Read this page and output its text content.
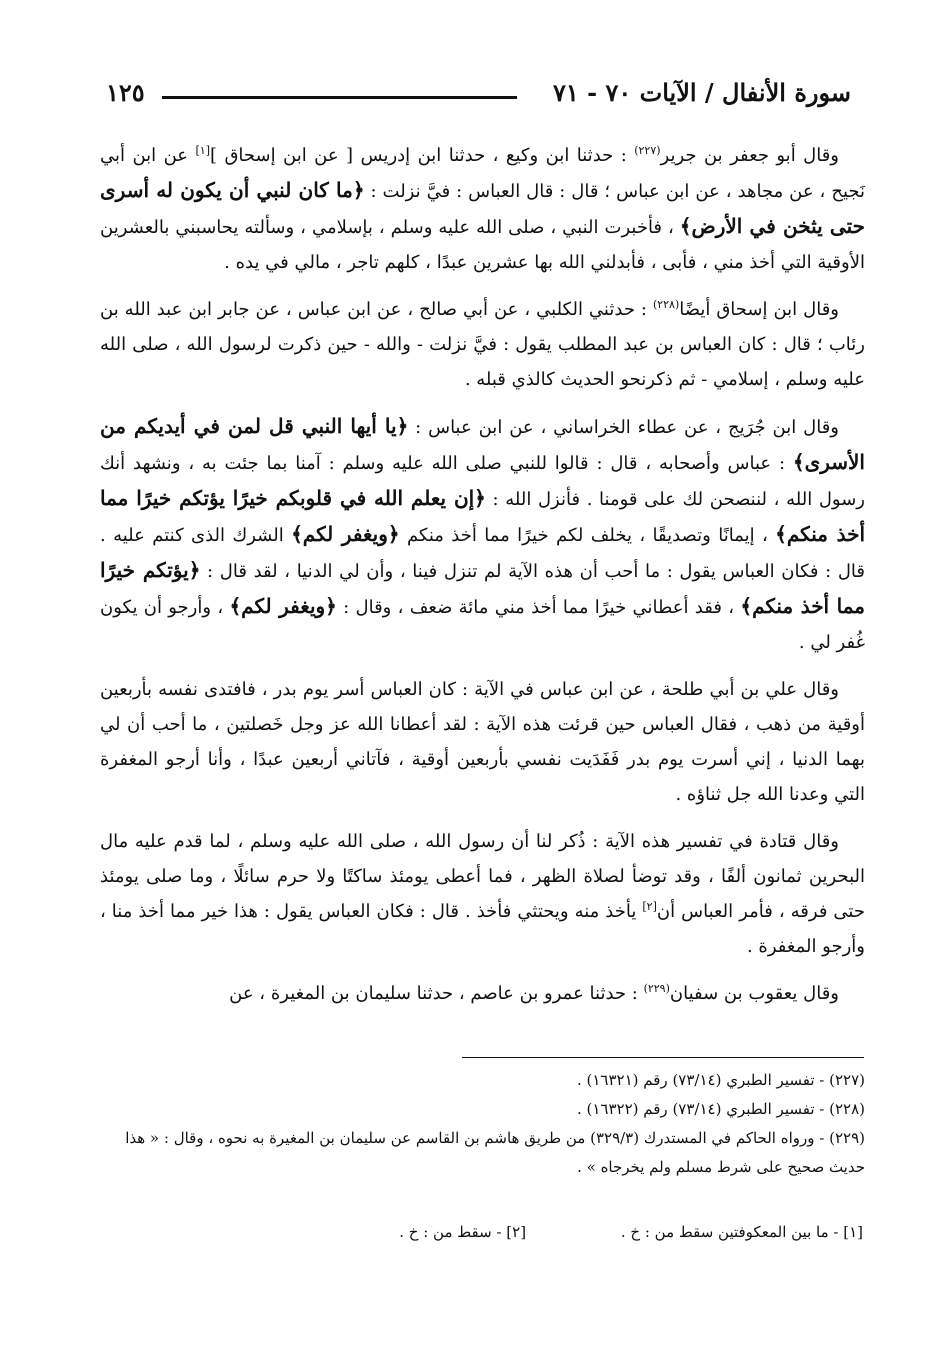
سورة الأنفال / الآيات ٧٠ - ٧١
١٢٥

وقال أبو جعفر بن جرير$^{(٢٢٧)}$ : حدثنا ابن وكيع ، حدثنا ابن إدريس [ عن ابن إسحاق ][١] عن ابن أبي نَجيح ، عن مجاهد ، عن ابن عباس ؛ قال : قال العباس : فيَّ نزلت : ﴿ما كان لنبي أن يكون له أسرى حتى يثخن في الأرض﴾ ، فأخبرت النبي ، صلى الله عليه وسلم ، بإسلامي ، وسألته يحاسبني بالعشرين الأوقية التي أخذ مني ، فأبى ، فأبدلني الله بها عشرين عبدًا ، كلهم تاجر ، مالي في يده .

وقال ابن إسحاق أيضًا$^{(٢٢٨)}$ : حدثني الكلبي ، عن أبي صالح ، عن ابن عباس ، عن جابر ابن عبد الله بن رئاب ؛ قال : كان العباس بن عبد المطلب يقول : فيَّ نزلت - والله - حين ذكرت لرسول الله ، صلى الله عليه وسلم ، إسلامي - ثم ذكرنحو الحديث كالذي قبله .

وقال ابن جُرَيج ، عن عطاء الخراساني ، عن ابن عباس : ﴿يا أيها النبي قل لمن في أيديكم من الأسرى﴾ : عباس وأصحابه ، قال : قالوا للنبي صلى الله عليه وسلم : آمنا بما جئت به ، ونشهد أنك رسول الله ، لننصحن لك على قومنا . فأنزل الله : ﴿إن يعلم الله في قلوبكم خيرًا يؤتكم خيرًا مما أخذ منكم﴾ ، إيمانًا وتصديقًا ، يخلف لكم خيرًا مما أخذ منكم ﴿ويغفر لكم﴾ الشرك الذى كنتم عليه . قال : فكان العباس يقول : ما أحب أن هذه الآية لم تنزل فينا ، وأن لي الدنيا ، لقد قال : ﴿يؤتكم خيرًا مما أخذ منكم﴾ ، فقد أعطاني خيرًا مما أخذ مني مائة ضعف ، وقال : ﴿ويغفر لكم﴾ ، وأرجو أن يكون غُفر لي .

وقال علي بن أبي طلحة ، عن ابن عباس في الآية : كان العباس أسر يوم بدر ، فافتدى نفسه بأربعين أوقية من ذهب ، فقال العباس حين قرئت هذه الآية : لقد أعطانا الله عز وجل خَصلتين ، ما أحب أن لي بهما الدنيا ، إني أسرت يوم بدر فَفَدَيت نفسي بأربعين أوقية ، فآتاني أربعين عبدًا ، وأنا أرجو المغفرة التي وعدنا الله جل ثناؤه .

وقال قتادة في تفسير هذه الآية : ذُكر لنا أن رسول الله ، صلى الله عليه وسلم ، لما قدم عليه مال البحرين ثمانون ألفًا ، وقد توضأ لصلاة الظهر ، فما أعطى يومئذ ساكتًا ولا حرم سائلًا ، وما صلى يومئذ حتى فرقه ، فأمر العباس أن[٢] يأخذ منه ويحتثي فأخذ . قال : فكان العباس يقول : هذا خير مما أخذ منا ، وأرجو المغفرة .

وقال يعقوب بن سفيان$^{(٢٢٩)}$ : حدثنا عمرو بن عاصم ، حدثنا سليمان بن المغيرة ، عن

(٢٢٧) - تفسير الطبري (٧٣/١٤) رقم (١٦٣٢١) .

(٢٢٨) - تفسير الطبري (٧٣/١٤) رقم (١٦٣٢٢) .

(٢٢٩) - ورواه الحاكم في المستدرك (٣٢٩/٣) من طريق هاشم بن القاسم عن سليمان بن المغيرة به نحوه ، وقال : « هذا حديث صحيح على شرط مسلم ولم يخرجاه » .

[١] - ما بين المعكوفتين سقط من : خ . [٢] - سقط من : خ .
